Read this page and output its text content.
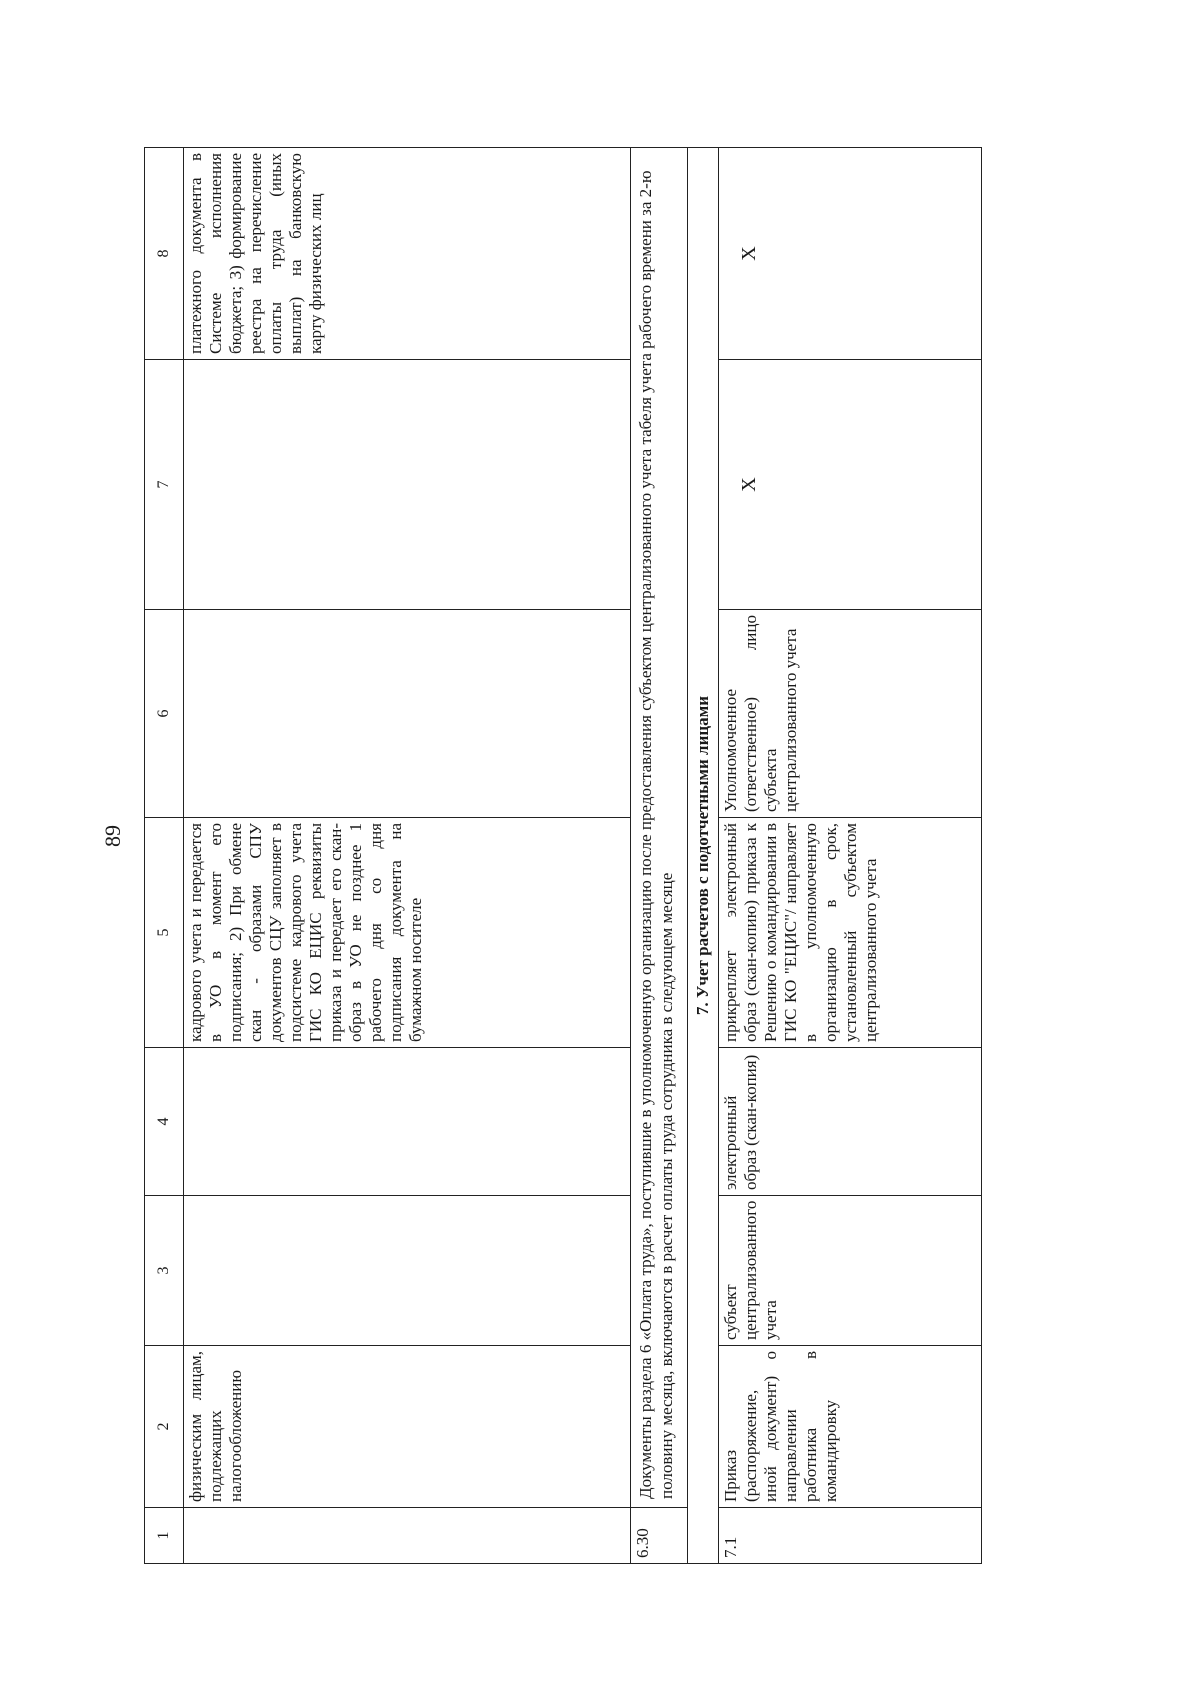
89
1	2	3	4	5	6	7	8
	физическим лицам, подлежащих налогообложению			кадрового учета и передается в УО в момент его подписания; 2) При обмене скан - образами СПУ документов СЦУ заполняет в подсистеме кадрового учета ГИС КО ЕЦИС реквизиты приказа и передает его скан-образ в УО не позднее 1 рабочего дня со дня подписания документа на бумажном носителе			платежного документа в Системе исполнения бюджета; 3) формирование реестра на перечисление оплаты труда (иных выплат) на банковскую карту физических лиц
6.30	Документы раздела 6 «Оплата труда», поступившие в уполномоченную организацию после предоставления субъектом централизованного учета табеля учета рабочего времени за 2-ю половину месяца, включаются в расчет оплаты труда сотрудника в следующем месяце						
7. Учет расчетов с подотчетными лицами							
7.1	Приказ (распоряжение, иной документ) о направлении работника в командировку	субъект централизованного учета	электронный образ (скан-копия)	прикрепляет электронный образ (скан-копию) приказа к Решению о командировании в ГИС КО "ЕЦИС"/ направляет в уполномоченную организацию в срок, установленный субъектом централизованного учета	Уполномоченное (ответственное) лицо субъекта централизованного учета	X	X
